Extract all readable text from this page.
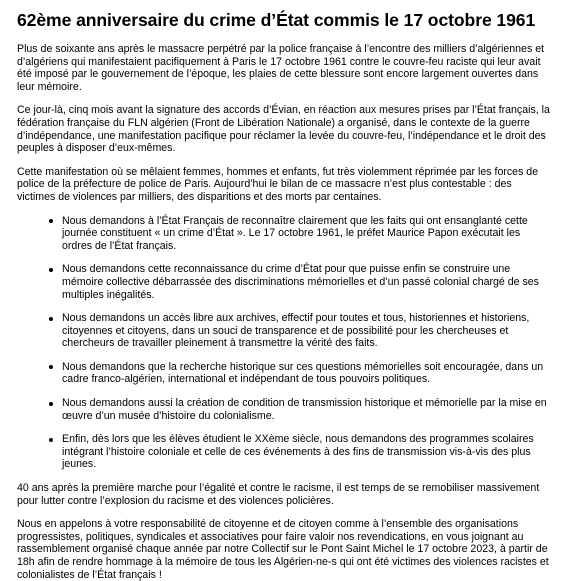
62ème anniversaire du crime d’État commis le 17 octobre 1961

Plus de soixante ans après le massacre perpétré par la police française à l’encontre des milliers d’algériennes et d’algériens qui manifestaient pacifiquement à Paris le 17 octobre 1961 contre le couvre-feu raciste qui leur avait été imposé par le gouvernement de l’époque, les plaies de cette blessure sont encore largement ouvertes dans leur mémoire.

Ce jour-là, cinq mois avant la signature des accords d’Évian, en réaction aux mesures prises par l’État français, la fédération française du FLN algérien (Front de Libération Nationale) a organisé, dans le contexte de la guerre d’indépendance, une manifestation pacifique pour réclamer la levée du couvre-feu, l’indépendance et le droit des peuples à disposer d’eux-mêmes.

Cette manifestation où se mêlaient femmes, hommes et enfants, fut très violemment réprimée par les forces de police de la préfecture de police de Paris. Aujourd’hui le bilan de ce massacre n’est plus contestable : des victimes de violences par milliers, des disparitions et des morts par centaines.

Nous demandons à l’État Français de reconnaître clairement que les faits qui ont ensanglanté cette journée constituent « un crime d’État ». Le 17 octobre 1961, le préfet Maurice Papon exécutait les ordres de l’État français.
Nous demandons cette reconnaissance du crime d’État pour que puisse enfin se construire une mémoire collective débarrassée des discriminations mémorielles et d’un passé colonial chargé de ses multiples inégalités.
Nous demandons un accès libre aux archives, effectif pour toutes et tous, historiennes et historiens, citoyennes et citoyens, dans un souci de transparence et de possibilité pour les chercheuses et chercheurs de travailler pleinement à transmettre la vérité des faits.
Nous demandons que la recherche historique sur ces questions mémorielles soit encouragée, dans un cadre franco-algérien, international et indépendant de tous pouvoirs politiques.
Nous demandons aussi la création de condition de transmission historique et mémorielle par la mise en œuvre d’un musée d’histoire du colonialisme.
Enfin, dès lors que les élèves étudient le XXème siècle, nous demandons des programmes scolaires intégrant l’histoire coloniale et celle de ces événements à des fins de transmission vis-à-vis des plus jeunes.

40 ans après la première marche pour l’égalité et contre le racisme, il est temps de se remobiliser massivement pour lutter contre l’explosion du racisme et des violences policières.

Nous en appelons à votre responsabilité de citoyenne et de citoyen comme à l’ensemble des organisations progressistes, politiques, syndicales et associatives pour faire valoir nos revendications, en vous joignant au rassemblement organisé chaque année par notre Collectif sur le Pont Saint Michel le 17 octobre 2023, à partir de 18h afin de rendre hommage à la mémoire de tous les Algérien-ne-s qui ont été victimes des violences racistes et colonialistes de l’État français !
